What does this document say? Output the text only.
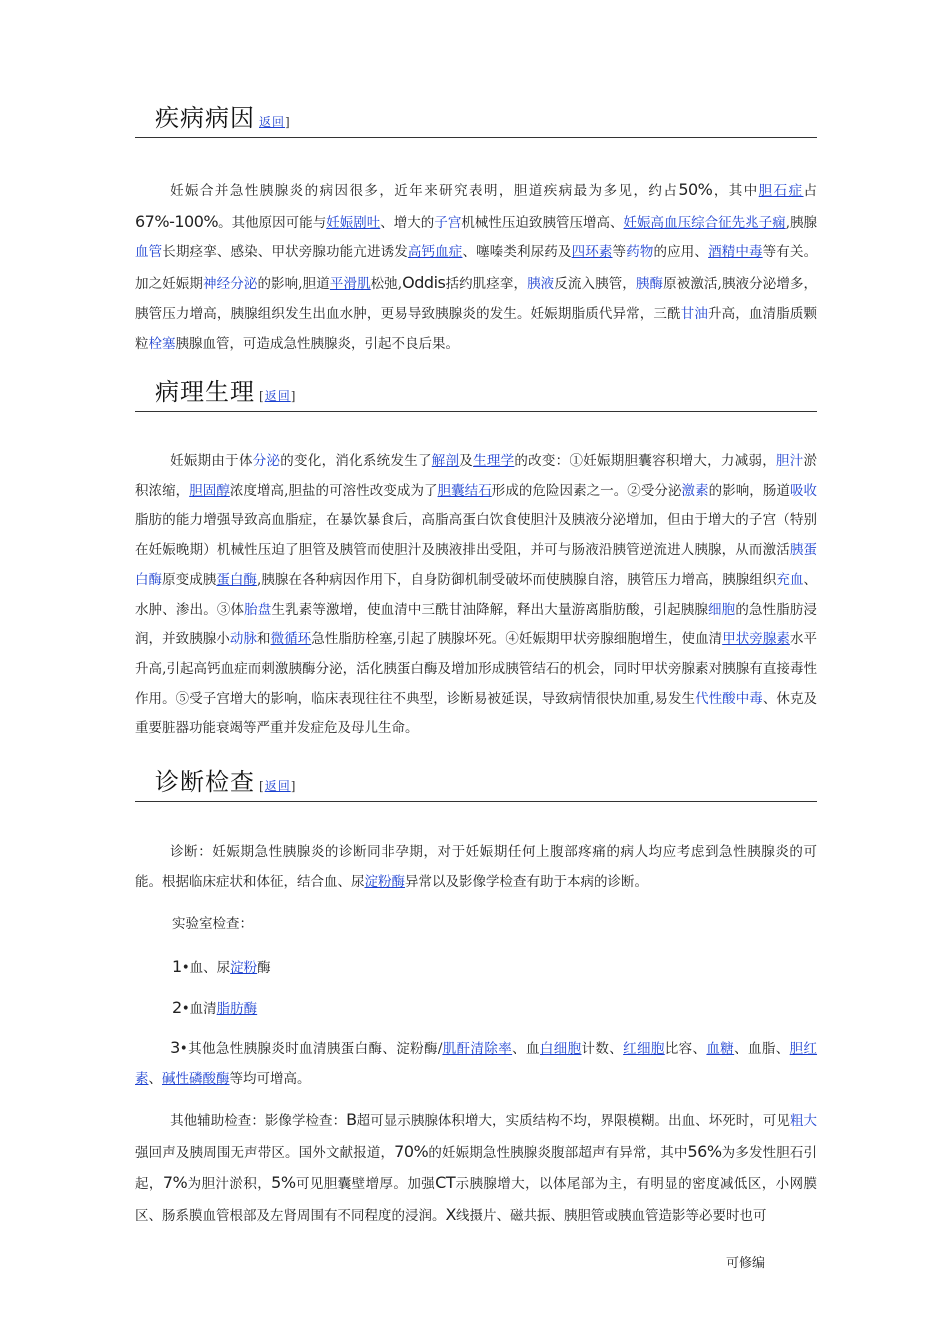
疾病病因 返回]
妊娠合并急性胰腺炎的病因很多，近年来研究表明，胆道疾病最为多见，约占50%，其中胆石症占67%-100%。其他原因可能与妊娠剧吐、增大的子宫机械性压迫致胰管压增高、妊娠高血压综合征先兆子痫,胰腺血管长期痉挛、感染、甲状旁腺功能亢进诱发高钙血症、噻嗪类利尿药及四环素等药物的应用、酒精中毒等有关。加之妊娠期神经分泌的影响,胆道平滑肌松弛,Oddis括约肌痉挛，胰液反流入胰管，胰酶原被激活,胰液分泌增多，胰管压力增高，胰腺组织发生出血水肿，更易导致胰腺炎的发生。妊娠期脂质代异常，三酰甘油升高，血清脂质颗粒栓塞胰腺血管，可造成急性胰腺炎，引起不良后果。
病理生理 [返回]
妊娠期由于体分泌的变化，消化系统发生了解剖及生理学的改变：①妊娠期胆囊容积增大，力减弱，胆汁淤积浓缩，胆固醇浓度增高,胆盐的可溶性改变成为了胆囊结石形成的危险因素之一。②受分泌激素的影响，肠道吸收脂肪的能力增强导致高血脂症，在暴饮暴食后，高脂高蛋白饮食使胆汁及胰液分泌增加，但由于增大的子宫（特别在妊娠晚期）机械性压迫了胆管及胰管而使胆汁及胰液排出受阻，并可与肠液沿胰管逆流进人胰腺，从而激活胰蛋白酶原变成胰蛋白酶,胰腺在各种病因作用下，自身防御机制受破坏而使胰腺自溶，胰管压力增高，胰腺组织充血、水肿、渗出。③体胎盘生乳素等激增，使血清中三酰甘油降解，释出大量游离脂肪酸，引起胰腺细胞的急性脂肪浸润，并致胰腺小动脉和微循环急性脂肪栓塞,引起了胰腺坏死。④妊娠期甲状旁腺细胞增生，使血清甲状旁腺素水平升高,引起高钙血症而刺激胰酶分泌，活化胰蛋白酶及增加形成胰管结石的机会，同时甲状旁腺素对胰腺有直接毒性作用。⑤受子宫增大的影响，临床表现往往不典型，诊断易被延误，导致病情很快加重,易发生代性酸中毒、休克及重要脏器功能衰竭等严重并发症危及母儿生命。
诊断检查 [返回]
诊断：妊娠期急性胰腺炎的诊断同非孕期，对于妊娠期任何上腹部疼痛的病人均应考虑到急性胰腺炎的可能。根据临床症状和体征，结合血、尿淀粉酶异常以及影像学检查有助于本病的诊断。
实验室检查：
1•血、尿淀粉酶
2•血清脂肪酶
3•其他急性胰腺炎时血清胰蛋白酶、淀粉酶/肌酐清除率、血白细胞计数、红细胞比容、血糖、血脂、胆红素、碱性磷酸酶等均可增高。
其他辅助检查：影像学检查：B超可显示胰腺体积增大，实质结构不均，界限模糊。出血、坏死时，可见粗大强回声及胰周围无声带区。国外文献报道，70%的妊娠期急性胰腺炎腹部超声有异常，其中56%为多发性胆石引起，7%为胆汁淤积，5%可见胆囊壁增厚。加强CT示胰腺增大，以体尾部为主，有明显的密度减低区，小网膜区、肠系膜血管根部及左肾周围有不同程度的浸润。X线摄片、磁共振、胰胆管或胰血管造影等必要时也可
可修编
